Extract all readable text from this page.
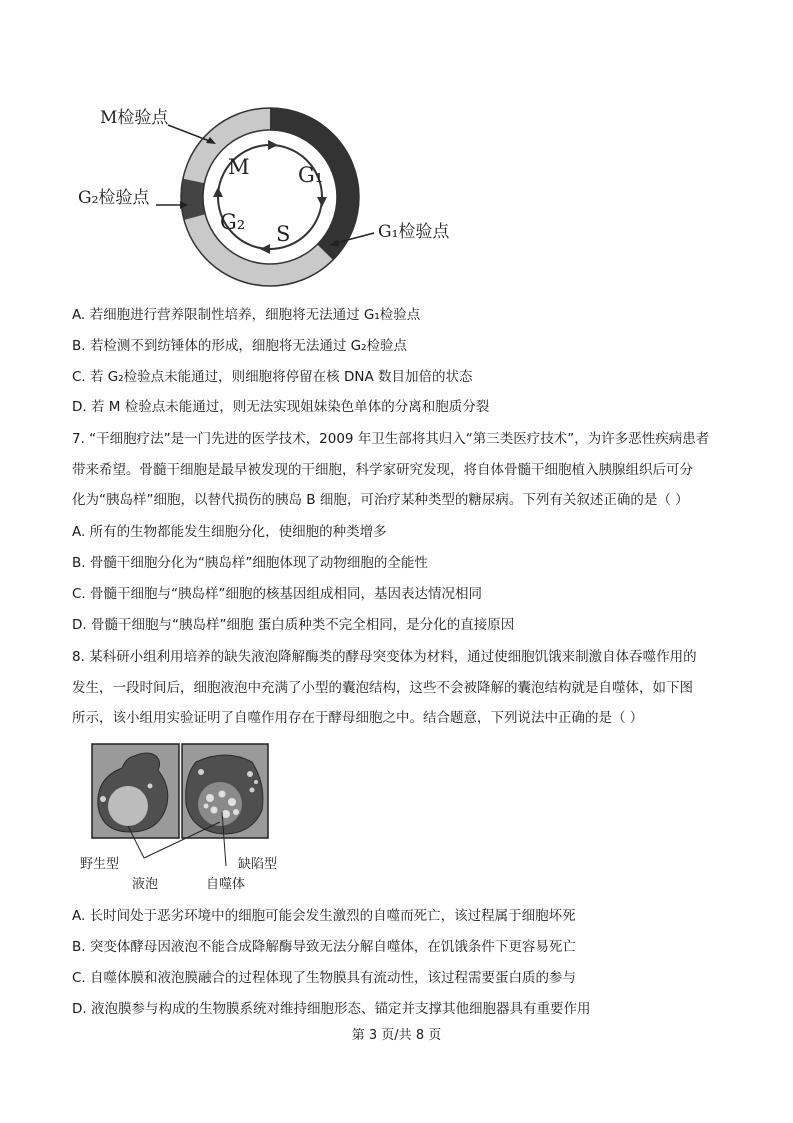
M G₁
G₂ S
M检验点
G₂检验点
G₁检验点
A. 若细胞进行营养限制性培养，细胞将无法通过 G₁检验点
B. 若检测不到纺锤体的形成，细胞将无法通过 G₂检验点
C. 若 G₂检验点未能通过，则细胞将停留在核 DNA 数目加倍的状态
D. 若 M 检验点未能通过，则无法实现姐妹染色单体的分离和胞质分裂
7. “干细胞疗法”是一门先进的医学技术，2009 年卫生部将其归入“第三类医疗技术”，为许多恶性疾病患者
带来希望。骨髓干细胞是最早被发现的干细胞，科学家研究发现，将自体骨髓干细胞植入胰腺组织后可分
化为“胰岛样”细胞，以替代损伤的胰岛 B 细胞，可治疗某种类型的糖尿病。下列有关叙述正确的是（ ）
A. 所有的生物都能发生细胞分化，使细胞的种类增多
B. 骨髓干细胞分化为“胰岛样”细胞体现了动物细胞的全能性
C. 骨髓干细胞与“胰岛样”细胞的核基因组成相同，基因表达情况相同
D. 骨髓干细胞与“胰岛样”细胞 蛋白质种类不完全相同，是分化的直接原因
8. 某科研小组利用培养的缺失液泡降解酶类的酵母突变体为材料，通过使细胞饥饿来制激自体吞噬作用的
发生，一段时间后，细胞液泡中充满了小型的囊泡结构，这些不会被降解的囊泡结构就是自噬体，如下图
所示，该小组用实验证明了自噬作用存在于酵母细胞之中。结合题意，下列说法中正确的是（ ）
野生型	缺陷型
液泡	自噬体
A. 长时间处于恶劣环境中的细胞可能会发生激烈的自噬而死亡，该过程属于细胞坏死
B. 突变体酵母因液泡不能合成降解酶导致无法分解自噬体，在饥饿条件下更容易死亡
C. 自噬体膜和液泡膜融合的过程体现了生物膜具有流动性，该过程需要蛋白质的参与
D. 液泡膜参与构成的生物膜系统对维持细胞形态、锚定并支撑其他细胞器具有重要作用
第 3 页/共 8 页
